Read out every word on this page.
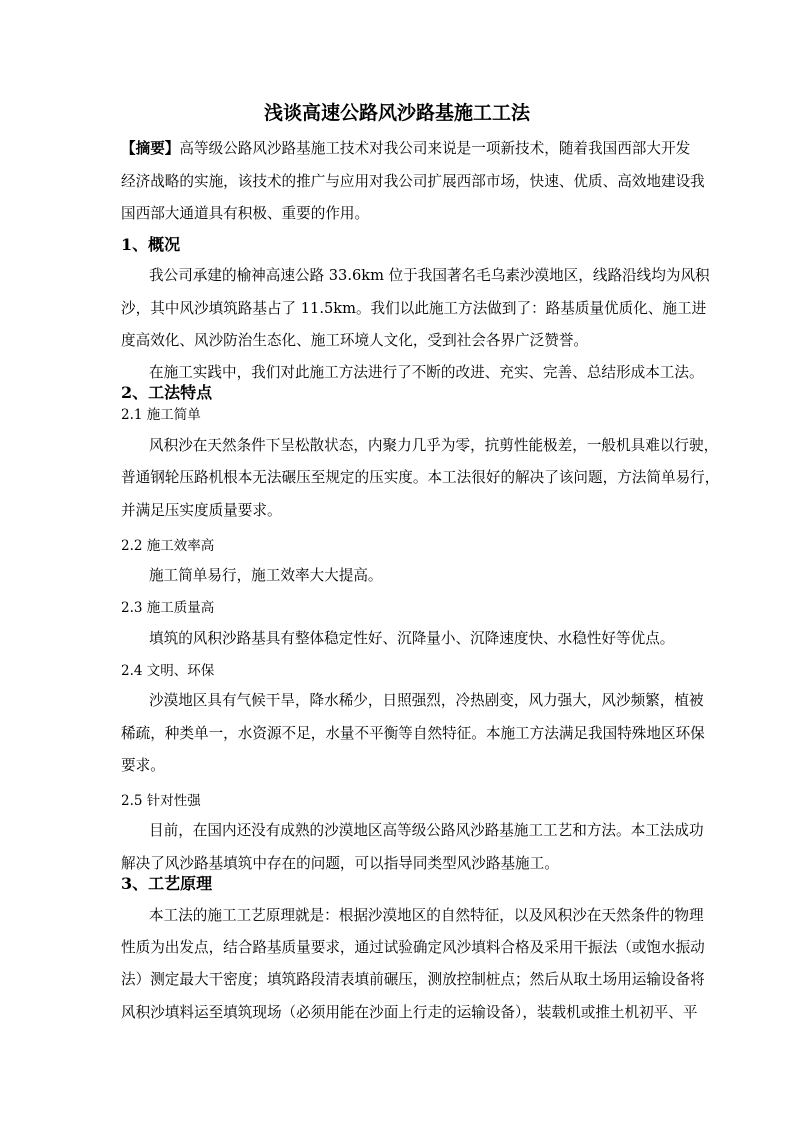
浅谈高速公路风沙路基施工工法
【摘要】高等级公路风沙路基施工技术对我公司来说是一项新技术，随着我国西部大开发
经济战略的实施，该技术的推广与应用对我公司扩展西部市场，快速、优质、高效地建设我
国西部大通道具有积极、重要的作用。
1、概况
我公司承建的榆神高速公路 33.6km 位于我国著名毛乌素沙漠地区，线路沿线均为风积
沙，其中风沙填筑路基占了 11.5km。我们以此施工方法做到了：路基质量优质化、施工进
度高效化、风沙防治生态化、施工环境人文化，受到社会各界广泛赞誉。
在施工实践中，我们对此施工方法进行了不断的改进、充实、完善、总结形成本工法。
2、工法特点
2.1 施工简单
风积沙在天然条件下呈松散状态，内聚力几乎为零，抗剪性能极差，一般机具难以行驶，
普通钢轮压路机根本无法碾压至规定的压实度。本工法很好的解决了该问题，方法简单易行，
并满足压实度质量要求。
2.2 施工效率高
施工简单易行，施工效率大大提高。
2.3 施工质量高
填筑的风积沙路基具有整体稳定性好、沉降量小、沉降速度快、水稳性好等优点。
2.4 文明、环保
沙漠地区具有气候干旱，降水稀少，日照强烈，冷热剧变，风力强大，风沙频繁，植被
稀疏，种类单一，水资源不足，水量不平衡等自然特征。本施工方法满足我国特殊地区环保
要求。
2.5 针对性强
目前，在国内还没有成熟的沙漠地区高等级公路风沙路基施工工艺和方法。本工法成功
解决了风沙路基填筑中存在的问题，可以指导同类型风沙路基施工。
3、工艺原理
本工法的施工工艺原理就是：根据沙漠地区的自然特征，以及风积沙在天然条件的物理
性质为出发点，结合路基质量要求，通过试验确定风沙填料合格及采用干振法（或饱水振动
法）测定最大干密度；填筑路段清表填前碾压，测放控制桩点；然后从取土场用运输设备将
风积沙填料运至填筑现场（必须用能在沙面上行走的运输设备），装载机或推土机初平、平
